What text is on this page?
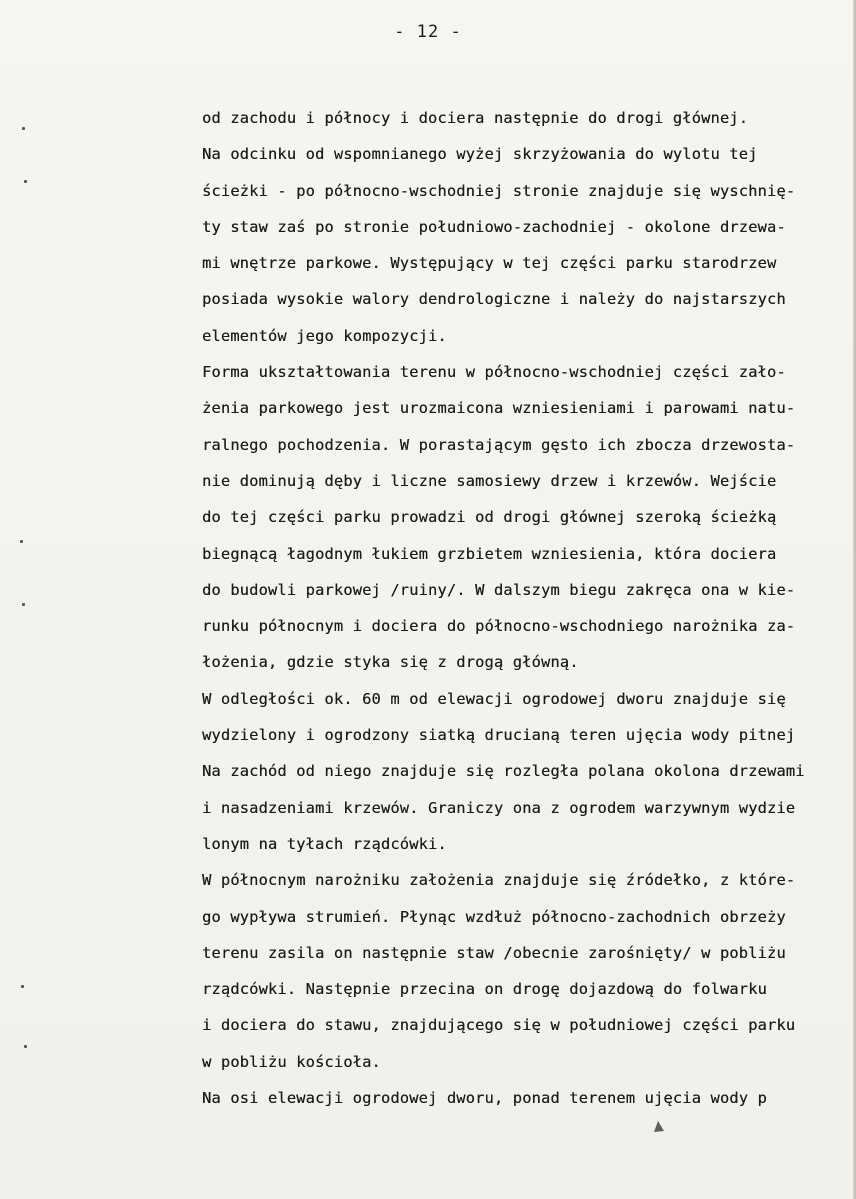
- 12 -
od zachodu i północy i dociera następnie do drogi głównej.
Na odcinku od wspomnianego wyżej skrzyżowania do wylotu tej
ścieżki - po północno-wschodniej stronie znajduje się wyschnię-
ty staw zaś po stronie południowo-zachodniej - okolone drzewa-
mi wnętrze parkowe. Występujący w tej części parku starodrzew
posiada wysokie walory dendrologiczne i należy do najstarszych
elementów jego kompozycji.
Forma ukształtowania terenu w północno-wschodniej części zało-
żenia parkowego jest urozmaicona wzniesieniami i parowami natu-
ralnego pochodzenia. W porastającym gęsto ich zbocza drzewosta-
nie dominują dęby i liczne samosiewy drzew i krzewów. Wejście
do tej części parku prowadzi od drogi głównej szeroką ścieżką
biegnącą łagodnym łukiem grzbietem wzniesienia, która dociera
do budowli parkowej /ruiny/. W dalszym biegu zakręca ona w kie-
runku północnym i dociera do północno-wschodniego narożnika za-
łożenia, gdzie styka się z drogą główną.
W odległości ok. 60 m od elewacji ogrodowej dworu znajduje się
wydzielony i ogrodzony siatką drucianą teren ujęcia wody pitnej
Na zachód od niego znajduje się rozległa polana okolona drzewami
i nasadzeniami krzewów. Graniczy ona z ogrodem warzywnym wydzie
lonym na tyłach rządcówki.
W północnym narożniku założenia znajduje się źródełko, z które-
go wypływa strumień. Płynąc wzdłuż północno-zachodnich obrzeży
terenu zasila on następnie staw /obecnie zarośnięty/ w pobliżu
rządcówki. Następnie przecina on drogę dojazdową do folwarku
i dociera do stawu, znajdującego się w południowej części parku
w pobliżu kościoła.
Na osi elewacji ogrodowej dworu, ponad terenem ujęcia wody p
